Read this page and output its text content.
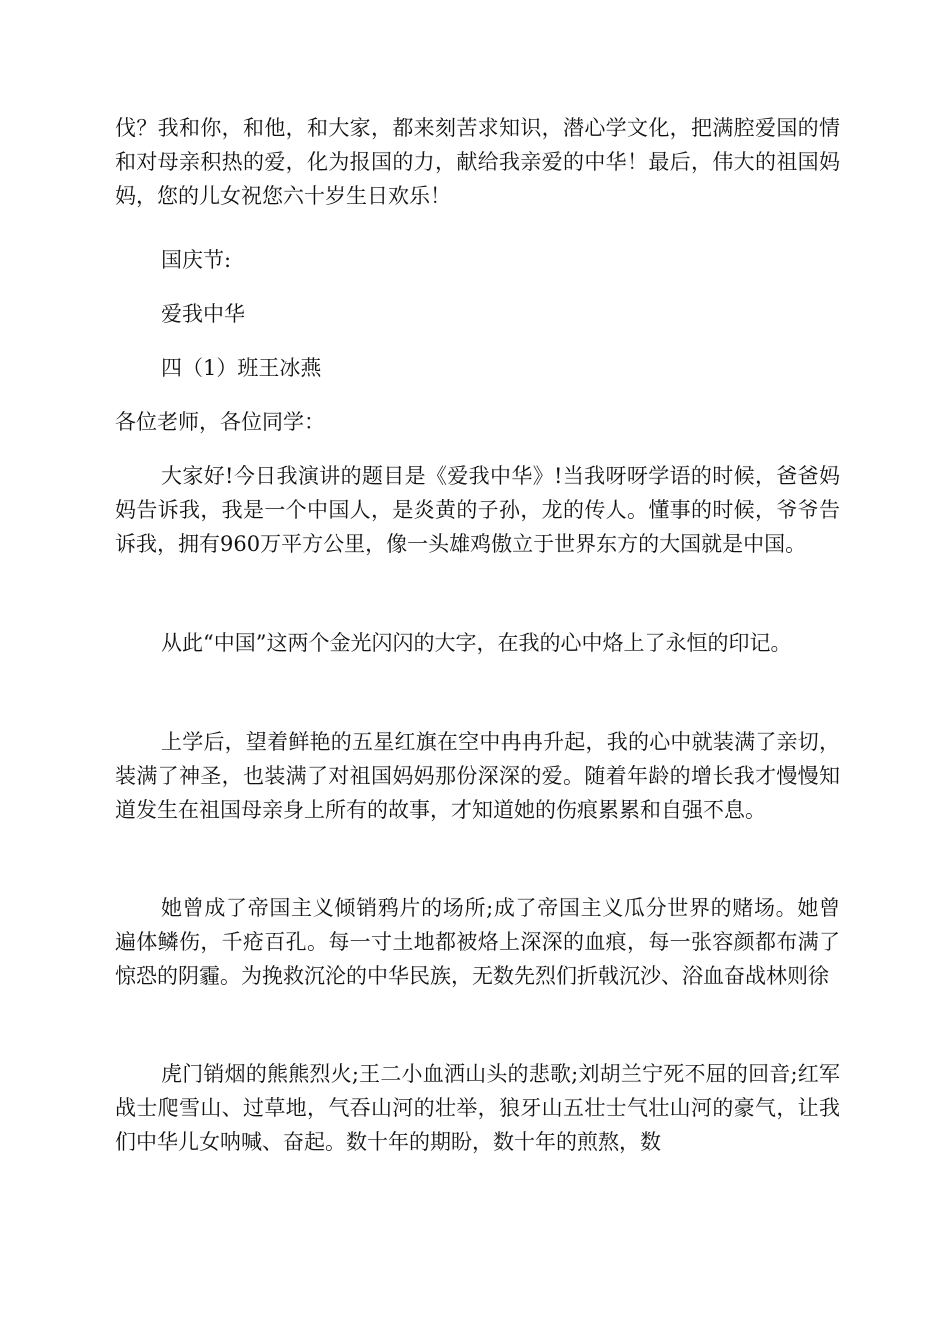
伐？我和你，和他，和大家，都来刻苦求知识，潜心学文化，把满腔爱国的情和对母亲积热的爱，化为报国的力，献给我亲爱的中华！最后，伟大的祖国妈妈，您的儿女祝您六十岁生日欢乐！
国庆节:
爱我中华
四（1）班王冰燕
各位老师，各位同学：
大家好!今日我演讲的题目是《爱我中华》!当我呀呀学语的时候，爸爸妈妈告诉我，我是一个中国人，是炎黄的子孙，龙的传人。懂事的时候，爷爷告诉我，拥有960万平方公里，像一头雄鸡傲立于世界东方的大国就是中国。
从此“中国”这两个金光闪闪的大字，在我的心中烙上了永恒的印记。
上学后，望着鲜艳的五星红旗在空中冉冉升起，我的心中就装满了亲切，装满了神圣，也装满了对祖国妈妈那份深深的爱。随着年龄的增长我才慢慢知道发生在祖国母亲身上所有的故事，才知道她的伤痕累累和自强不息。
她曾成了帝国主义倾销鸦片的场所;成了帝国主义瓜分世界的赌场。她曾遍体鳞伤，千疮百孔。每一寸土地都被烙上深深的血痕，每一张容颜都布满了惊恐的阴霾。为挽救沉沦的中华民族，无数先烈们折戟沉沙、浴血奋战林则徐
虎门销烟的熊熊烈火;王二小血洒山头的悲歌;刘胡兰宁死不屈的回音;红军战士爬雪山、过草地，气吞山河的壮举，狼牙山五壮士气壮山河的豪气，让我们中华儿女呐喊、奋起。数十年的期盼，数十年的煎熬，数
